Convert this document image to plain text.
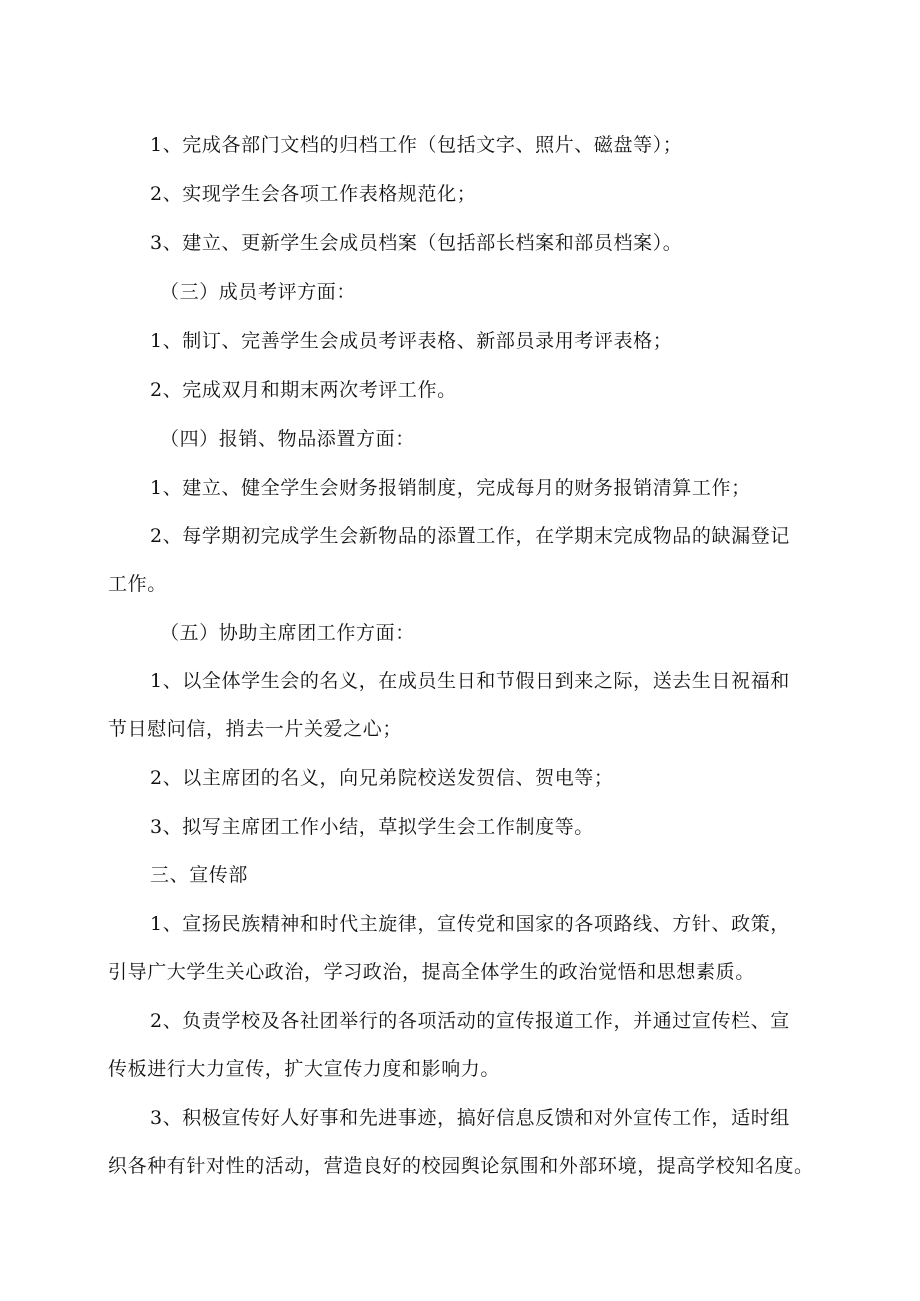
1、完成各部门文档的归档工作（包括文字、照片、磁盘等）；
2、实现学生会各项工作表格规范化；
3、建立、更新学生会成员档案（包括部长档案和部员档案）。
（三）成员考评方面：
1、制订、完善学生会成员考评表格、新部员录用考评表格；
2、完成双月和期末两次考评工作。
（四）报销、物品添置方面：
1、建立、健全学生会财务报销制度，完成每月的财务报销清算工作；
2、每学期初完成学生会新物品的添置工作，在学期末完成物品的缺漏登记
工作。
（五）协助主席团工作方面：
1、以全体学生会的名义，在成员生日和节假日到来之际，送去生日祝福和
节日慰问信，捎去一片关爱之心；
2、以主席团的名义，向兄弟院校送发贺信、贺电等；
3、拟写主席团工作小结，草拟学生会工作制度等。
三、宣传部
1、宣扬民族精神和时代主旋律，宣传党和国家的各项路线、方针、政策，
引导广大学生关心政治，学习政治，提高全体学生的政治觉悟和思想素质。
2、负责学校及各社团举行的各项活动的宣传报道工作，并通过宣传栏、宣
传板进行大力宣传，扩大宣传力度和影响力。
3、积极宣传好人好事和先进事迹，搞好信息反馈和对外宣传工作，适时组
织各种有针对性的活动，营造良好的校园舆论氛围和外部环境，提高学校知名度。
